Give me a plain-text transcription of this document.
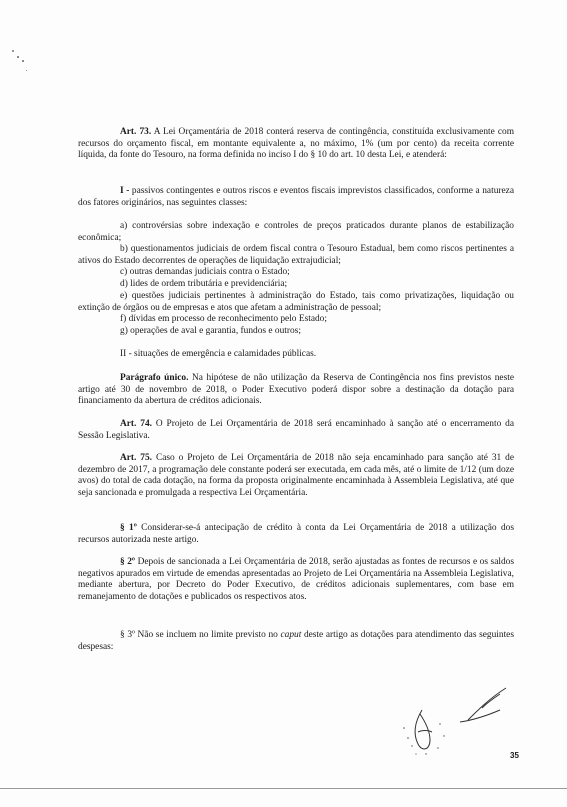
Art. 73. A Lei Orçamentária de 2018 conterá reserva de contingência, constituída exclusivamente com recursos do orçamento fiscal, em montante equivalente a, no máximo, 1% (um por cento) da receita corrente líquida, da fonte do Tesouro, na forma definida no inciso I do § 10 do art. 10 desta Lei, e atenderá:
I - passivos contingentes e outros riscos e eventos fiscais imprevistos classificados, conforme a natureza dos fatores originários, nas seguintes classes:
a) controvérsias sobre indexação e controles de preços praticados durante planos de estabilização econômica;
b) questionamentos judiciais de ordem fiscal contra o Tesouro Estadual, bem como riscos pertinentes a ativos do Estado decorrentes de operações de liquidação extrajudicial;
c) outras demandas judiciais contra o Estado;
d) lides de ordem tributária e previdenciária;
e) questões judiciais pertinentes à administração do Estado, tais como privatizações, liquidação ou extinção de órgãos ou de empresas e atos que afetam a administração de pessoal;
f) dívidas em processo de reconhecimento pelo Estado;
g) operações de aval e garantia, fundos e outros;
II - situações de emergência e calamidades públicas.
Parágrafo único. Na hipótese de não utilização da Reserva de Contingência nos fins previstos neste artigo até 30 de novembro de 2018, o Poder Executivo poderá dispor sobre a destinação da dotação para financiamento da abertura de créditos adicionais.
Art. 74. O Projeto de Lei Orçamentária de 2018 será encaminhado à sanção até o encerramento da Sessão Legislativa.
Art. 75. Caso o Projeto de Lei Orçamentária de 2018 não seja encaminhado para sanção até 31 de dezembro de 2017, a programação dele constante poderá ser executada, em cada mês, até o limite de 1/12 (um doze avos) do total de cada dotação, na forma da proposta originalmente encaminhada à Assembleia Legislativa, até que seja sancionada e promulgada a respectiva Lei Orçamentária.
§ 1º Considerar-se-á antecipação de crédito à conta da Lei Orçamentária de 2018 a utilização dos recursos autorizada neste artigo.
§ 2º Depois de sancionada a Lei Orçamentária de 2018, serão ajustadas as fontes de recursos e os saldos negativos apurados em virtude de emendas apresentadas ao Projeto de Lei Orçamentária na Assembleia Legislativa, mediante abertura, por Decreto do Poder Executivo, de créditos adicionais suplementares, com base em remanejamento de dotações e publicados os respectivos atos.
§ 3º Não se incluem no limite previsto no caput deste artigo as dotações para atendimento das seguintes despesas:
35
